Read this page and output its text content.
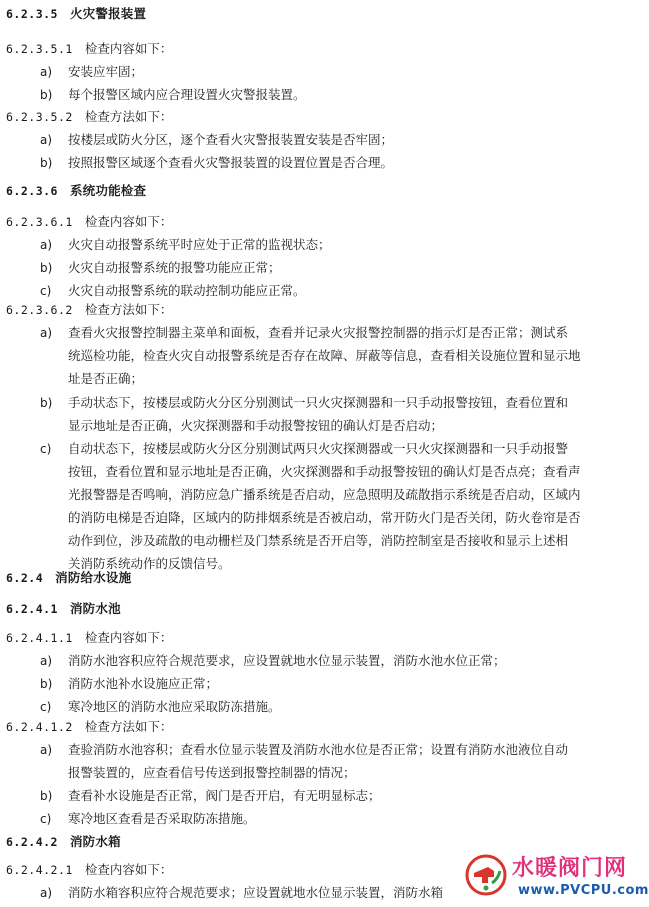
6.2.3.5 火灾警报装置
6.2.3.5.1 检查内容如下：
a) 安装应牢固；
b) 每个报警区域内应合理设置火灾警报装置。
6.2.3.5.2 检查方法如下：
a) 按楼层或防火分区，逐个查看火灾警报装置安装是否牢固；
b) 按照报警区域逐个查看火灾警报装置的设置位置是否合理。
6.2.3.6 系统功能检查
6.2.3.6.1 检查内容如下：
a) 火灾自动报警系统平时应处于正常的监视状态；
b) 火灾自动报警系统的报警功能应正常；
c) 火灾自动报警系统的联动控制功能应正常。
6.2.3.6.2 检查方法如下：
a) 查看火灾报警控制器主菜单和面板，查看并记录火灾报警控制器的指示灯是否正常；测试系
统巡检功能，检查火灾自动报警系统是否存在故障、屏蔽等信息，查看相关设施位置和显示地
址是否正确；
b) 手动状态下，按楼层或防火分区分别测试一只火灾探测器和一只手动报警按钮，查看位置和
显示地址是否正确，火灾探测器和手动报警按钮的确认灯是否启动；
c) 自动状态下，按楼层或防火分区分别测试两只火灾探测器或一只火灾探测器和一只手动报警
按钮，查看位置和显示地址是否正确，火灾探测器和手动报警按钮的确认灯是否点亮；查看声
光报警器是否鸣响，消防应急广播系统是否启动，应急照明及疏散指示系统是否启动，区域内
的消防电梯是否迫降，区域内的防排烟系统是否被启动，常开防火门是否关闭，防火卷帘是否
动作到位，涉及疏散的电动栅栏及门禁系统是否开启等，消防控制室是否接收和显示上述相
关消防系统动作的反馈信号。
6.2.4 消防给水设施
6.2.4.1 消防水池
6.2.4.1.1 检查内容如下：
a) 消防水池容积应符合规范要求，应设置就地水位显示装置，消防水池水位正常；
b) 消防水池补水设施应正常；
c) 寒冷地区的消防水池应采取防冻措施。
6.2.4.1.2 检查方法如下：
a) 查验消防水池容积；查看水位显示装置及消防水池水位是否正常；设置有消防水池液位自动
报警装置的，应查看信号传送到报警控制器的情况；
b) 查看补水设施是否正常，阀门是否开启，有无明显标志；
c) 寒冷地区查看是否采取防冻措施。
6.2.4.2 消防水箱
6.2.4.2.1 检查内容如下：
a) 消防水箱容积应符合规范要求；应设置就地水位显示装置，消防水箱
水暖阀门网
www.PVCPU.com
